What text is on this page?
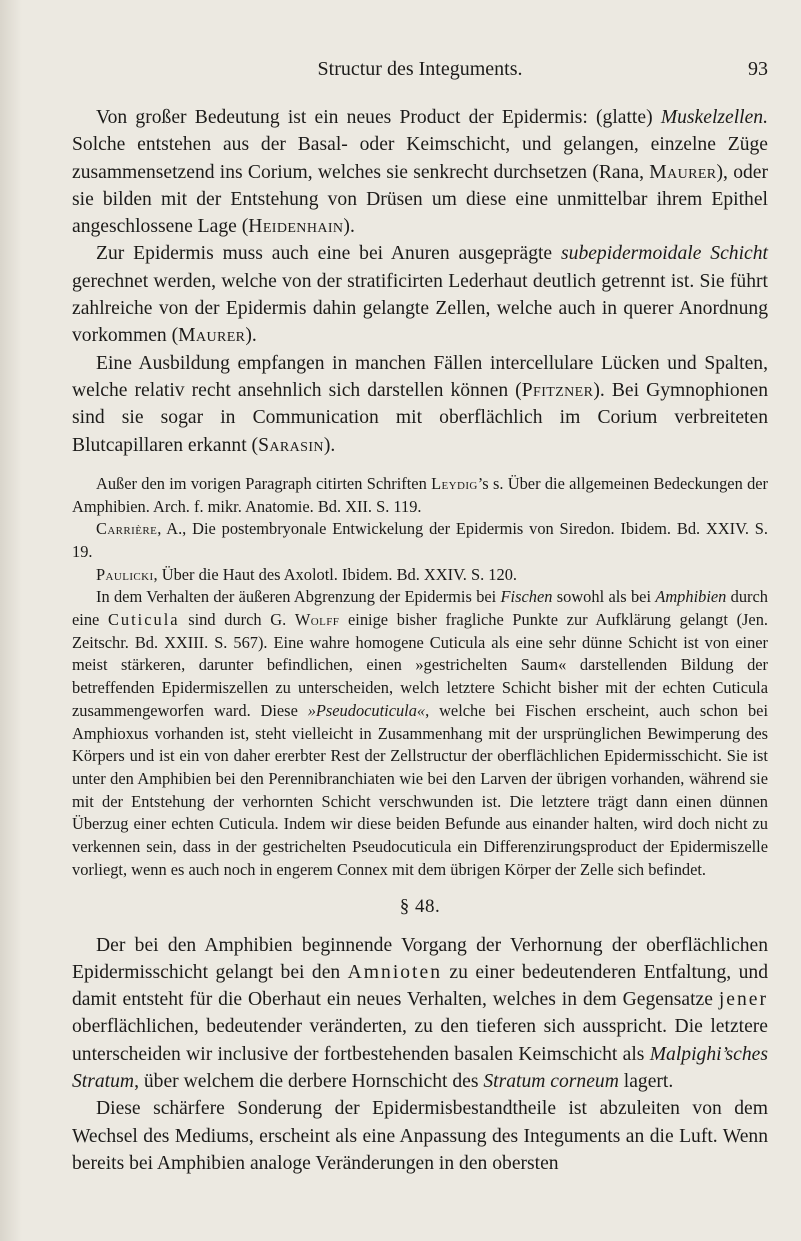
Structur des Integuments.	93

Von großer Bedeutung ist ein neues Product der Epidermis: (glatte) Muskelzellen. Solche entstehen aus der Basal- oder Keimschicht, und gelangen, einzelne Züge zusammensetzend ins Corium, welches sie senkrecht durchsetzen (Rana, Maurer), oder sie bilden mit der Entstehung von Drüsen um diese eine unmittelbar ihrem Epithel angeschlossene Lage (Heidenhain).

Zur Epidermis muss auch eine bei Anuren ausgeprägte subepidermoidale Schicht gerechnet werden, welche von der stratificirten Lederhaut deutlich getrennt ist. Sie führt zahlreiche von der Epidermis dahin gelangte Zellen, welche auch in querer Anordnung vorkommen (Maurer).

Eine Ausbildung empfangen in manchen Fällen intercellulare Lücken und Spalten, welche relativ recht ansehnlich sich darstellen können (Pfitzner). Bei Gymnophionen sind sie sogar in Communication mit oberflächlich im Corium verbreiteten Blutcapillaren erkannt (Sarasin).

Außer den im vorigen Paragraph citirten Schriften Leydig’s s. Über die allgemeinen Bedeckungen der Amphibien. Arch. f. mikr. Anatomie. Bd. XII. S. 119.

Carrière, A., Die postembryonale Entwickelung der Epidermis von Siredon. Ibidem. Bd. XXIV. S. 19.

Paulicki, Über die Haut des Axolotl. Ibidem. Bd. XXIV. S. 120.

In dem Verhalten der äußeren Abgrenzung der Epidermis bei Fischen sowohl als bei Amphibien durch eine Cuticula sind durch G. Wolff einige bisher fragliche Punkte zur Aufklärung gelangt (Jen. Zeitschr. Bd. XXIII. S. 567). Eine wahre homogene Cuticula als eine sehr dünne Schicht ist von einer meist stärkeren, darunter befindlichen, einen »gestrichelten Saum« darstellenden Bildung der betreffenden Epidermiszellen zu unterscheiden, welch letztere Schicht bisher mit der echten Cuticula zusammengeworfen ward. Diese »Pseudocuticula«, welche bei Fischen erscheint, auch schon bei Amphioxus vorhanden ist, steht vielleicht in Zusammenhang mit der ursprünglichen Bewimperung des Körpers und ist ein von daher ererbter Rest der Zellstructur der oberflächlichen Epidermisschicht. Sie ist unter den Amphibien bei den Perennibranchiaten wie bei den Larven der übrigen vorhanden, während sie mit der Entstehung der verhornten Schicht verschwunden ist. Die letztere trägt dann einen dünnen Überzug einer echten Cuticula. Indem wir diese beiden Befunde aus einander halten, wird doch nicht zu verkennen sein, dass in der gestrichelten Pseudocuticula ein Differenzirungsproduct der Epidermiszelle vorliegt, wenn es auch noch in engerem Connex mit dem übrigen Körper der Zelle sich befindet.

§ 48.

Der bei den Amphibien beginnende Vorgang der Verhornung der oberflächlichen Epidermisschicht gelangt bei den Amnioten zu einer bedeutenderen Entfaltung, und damit entsteht für die Oberhaut ein neues Verhalten, welches in dem Gegensatze jener oberflächlichen, bedeutender veränderten, zu den tieferen sich ausspricht. Die letztere unterscheiden wir inclusive der fortbestehenden basalen Keimschicht als Malpighi’sches Stratum, über welchem die derbere Hornschicht des Stratum corneum lagert.

Diese schärfere Sonderung der Epidermisbestandtheile ist abzuleiten von dem Wechsel des Mediums, erscheint als eine Anpassung des Integuments an die Luft. Wenn bereits bei Amphibien analoge Veränderungen in den obersten
